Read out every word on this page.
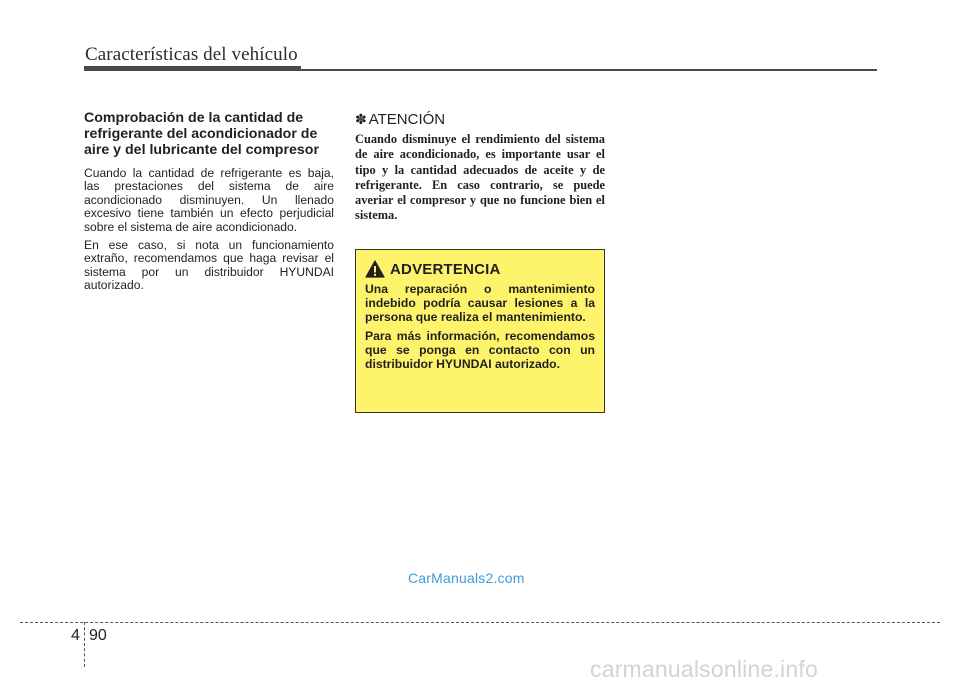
Características del vehículo
Comprobación de la cantidad de refrigerante del acondicionador de aire y del lubricante del compresor

Cuando la cantidad de refrigerante es baja, las prestaciones del sistema de aire acondicionado disminuyen. Un llenado excesivo tiene también un efecto perjudicial sobre el sistema de aire acondicionado.

En ese caso, si nota un funcionamiento extraño, recomendamos que haga revisar el sistema por un distribuidor HYUNDAI autorizado.

✽ ATENCIÓN

Cuando disminuye el rendimiento del sistema de aire acondicionado, es importante usar el tipo y la cantidad adecuados de aceite y de refrigerante. En caso contrario, se puede averiar el compresor y que no funcione bien el sistema.

ADVERTENCIA

Una reparación o mantenimiento indebido podría causar lesiones a la persona que realiza el mantenimiento.

Para más información, recomendamos que se ponga en contacto con un distribuidor HYUNDAI autorizado.

CarManuals2.com
4 90
carmanualsonline.info
